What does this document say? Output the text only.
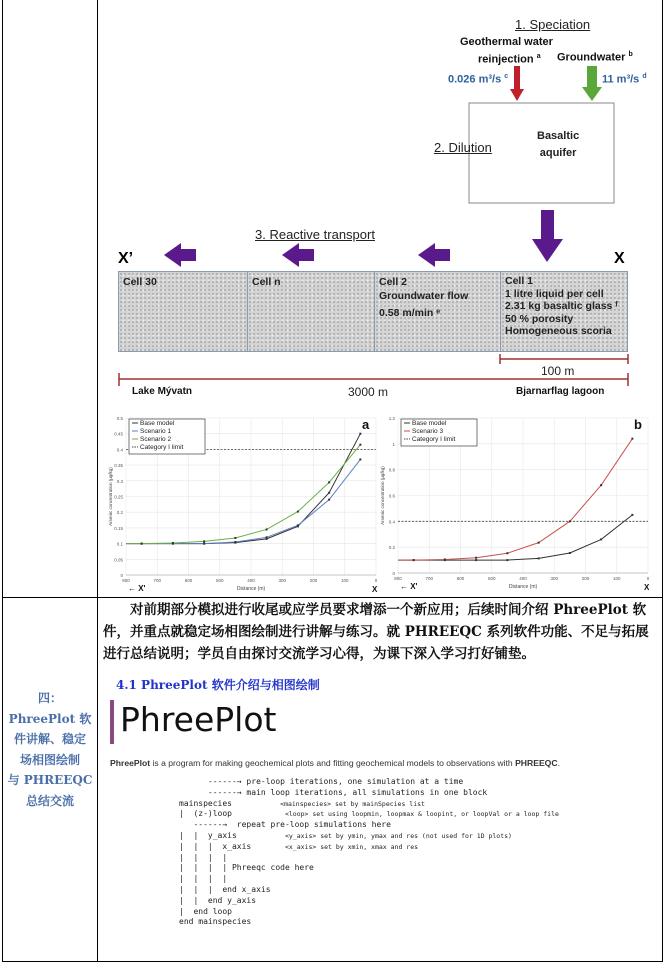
1. Speciation
Geothermal water
reinjection $^a$ Groundwater $^b$
0.026 m³/s $^c$	11 m³/s $^d$
Basaltic
aquifer
2. Dilution
3. Reactive transport
X’	X
Cell 30	Cell n	Cell 2
Groundwater flow
0.58 m/min ᵉ
Cell 1
1 litre liquid per cell
2.31 kg basaltic glass ᶠ
50 % porosity
Homogeneous scoria
100 m
3000 m
Lake Mývatn	Bjarnarflag lagoon
0
0.05
0.1
0.15
0.2
0.25
0.3
0.35
0.4
0.45
0.5
800	700	600	500	400	300	200	100	0
Distance (m)
Arsenic concentration (µg/kg)
← X'	X
a
Base model
Scenario 1
Scenario 2
Category I limit
0
0.2
0.4
0.6
0.8
1
1.2
800	700	600	500	400	300	200	100	0
Distance (m)
Arsenic concentration (µg/kg)
← X'	X
b
Base model
Scenario 3
Category I limit
四：
PhreePlot 软
件讲解、稳定
场相图绘制
与 PHREEQC
总结交流
对前期部分模拟进行收尾或应学员要求增添一个新应用；后续时间介绍 PhreePlot 软件，并重点就稳定场相图绘制进行讲解与练习。就 PHREEQC 系列软件功能、不足与拓展进行总结说明；学员自由探讨交流学习心得，为课下深入学习打好铺垫。
4.1 PhreePlot 软件介绍与相图绘制
PhreePlot
PhreePlot is a program for making geochemical plots and fitting geochemical models to observations with PHREEQC.
------→ pre-loop iterations, one simulation at a time
------→ main loop iterations, all simulations in one block
mainspecies          <mainspecies> set by mainSpecies list
|  (z-)loop           <loop> set using loopmin, loopmax & loopint, or loopVal or a loop file
------→  repeat pre-loop simulations here
|  |  y_axis          <y_axis> set by ymin, ymax and res (not used for 1D plots)
|  |  |  x_axis       <x_axis> set by xmin, xmax and res
|  |  |  |
|  |  |  | Phreeqc code here
|  |  |  |
|  |  |  end x_axis
|  |  end y_axis
|  end loop
end mainspecies
